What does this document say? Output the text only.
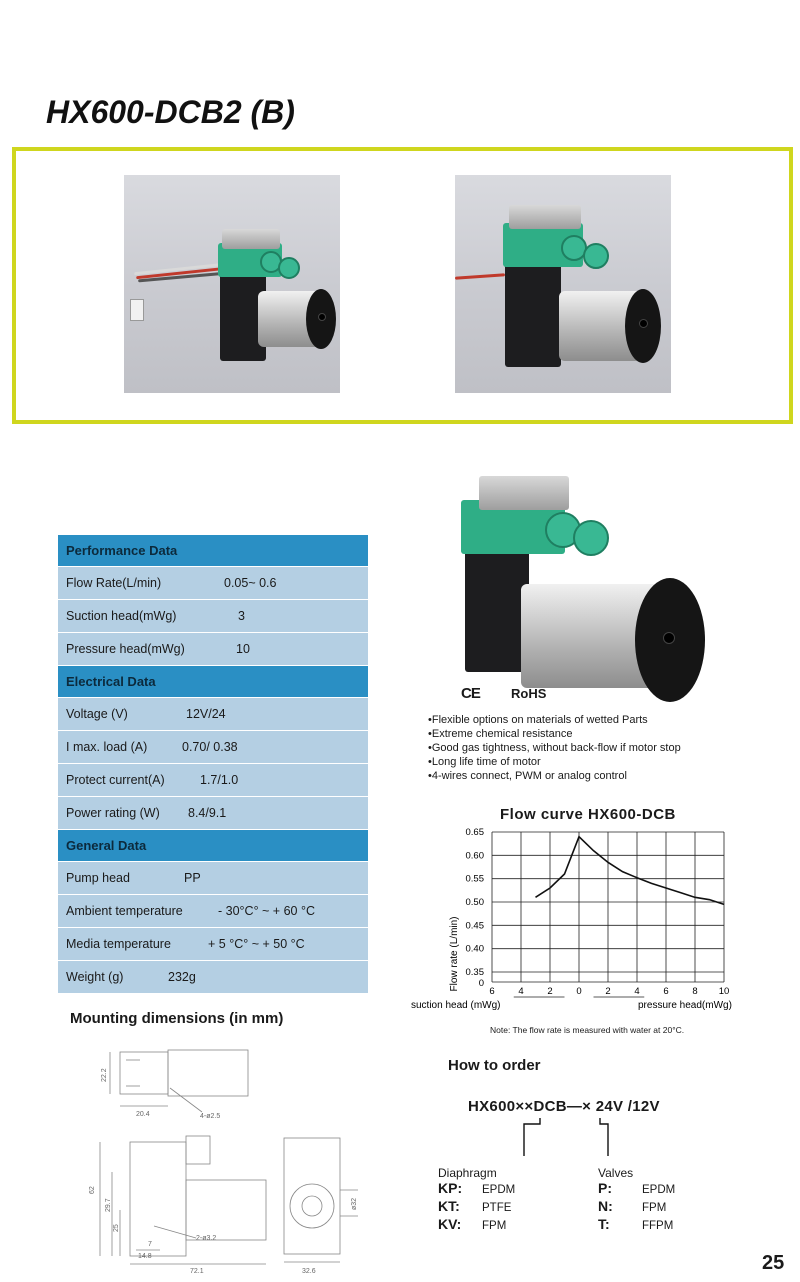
HX600-DCB2 (B)
Performance Data
Flow Rate(L/min)	0.05~ 0.6
Suction head(mWg)	3
Pressure head(mWg)	10
Electrical Data
Voltage (V)	12V/24
I max. load (A)	0.70/ 0.38
Protect current(A)	1.7/1.0
Power rating (W) 8.4/9.1
General Data
Pump head	PP
Ambient temperature	- 30°C° ~ + 60 °C
Media temperature	+ 5 °C° ~ + 50 °C
Weight (g)	232g
CE RoHS
• Flexible options on materials of wetted Parts
• Extreme chemical resistance
• Good gas tightness, without back-flow if motor stop
• Long life time of motor
• 4-wires connect, PWM or analog control
Flow curve HX600-DCB
0
0.35
0.40
0.45
0.50
0.55
0.60
0.65
6 4 2 0 2 4 6 8 10
Flow rate (L/min)
suction head (mWg)	pressure head(mWg)
Note: The flow rate is measured with water at 20°C.
Mounting dimensions (in mm)
22.2
20.4	4-ø2.5
62
29.7
25
7
14.8
72.1
2-ø3.2
ø32
32.6
How to order
HX600××DCB—× 24V /12V
Diaphragm	Valves
KP: EPDM
KT: PTFE
KV: FPM
P:	EPDM
N:	FPM
T:	FFPM
25
